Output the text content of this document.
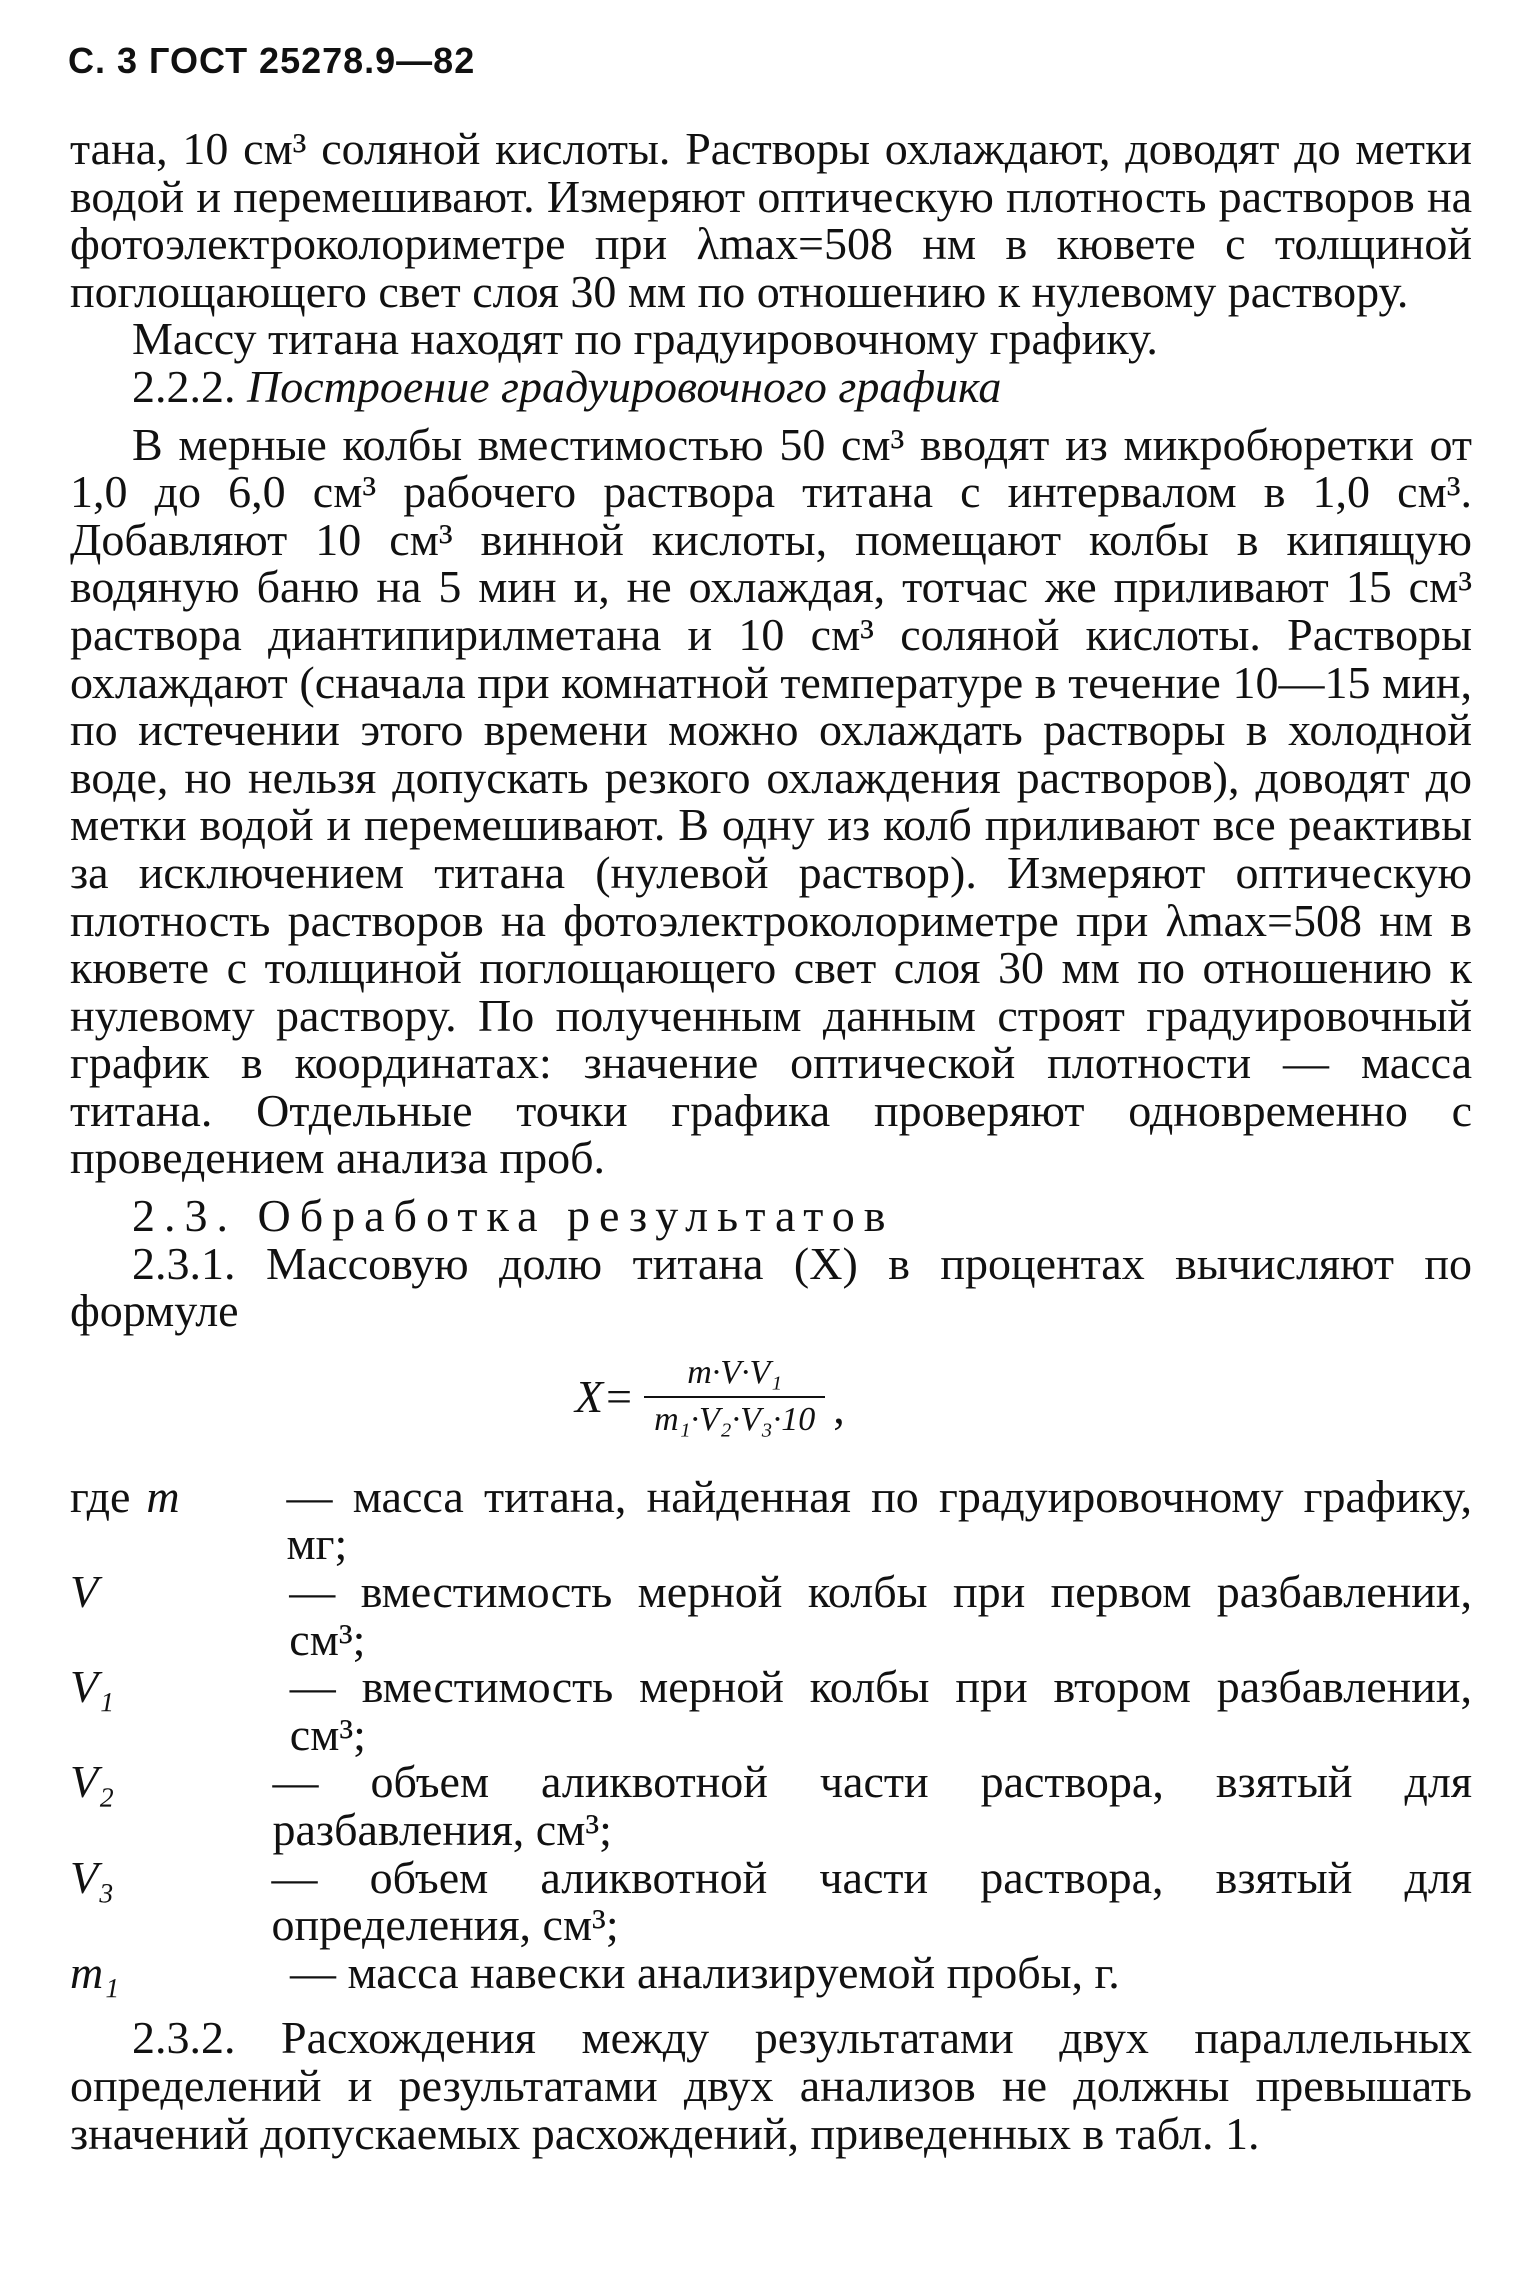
С. 3 ГОСТ 25278.9—82

тана, 10 см³ соляной кислоты. Растворы охлаждают, доводят до метки водой и перемешивают. Измеряют оптическую плотность растворов на фотоэлектроколориметре при λmax=508 нм в кювете с толщиной поглощающего свет слоя 30 мм по отношению к нулевому раствору.

Массу титана находят по градуировочному графику.

2.2.2. Построение градуировочного графика

В мерные колбы вместимостью 50 см³ вводят из микробюретки от 1,0 до 6,0 см³ рабочего раствора титана с интервалом в 1,0 см³. Добавляют 10 см³ винной кислоты, помещают колбы в кипящую водяную баню на 5 мин и, не охлаждая, тотчас же приливают 15 см³ раствора диантипирилметана и 10 см³ соляной кислоты. Растворы охлаждают (сначала при комнатной температуре в течение 10—15 мин, по истечении этого времени можно охлаждать растворы в холодной воде, но нельзя допускать резкого охлаждения растворов), доводят до метки водой и перемешивают. В одну из колб приливают все реактивы за исключением титана (нулевой раствор). Измеряют оптическую плотность растворов на фотоэлектроколориметре при λmax=508 нм в кювете с толщиной поглощающего свет слоя 30 мм по отношению к нулевому раствору. По полученным данным строят градуировочный график в координатах: значение оптической плотности — масса титана. Отдельные точки графика проверяют одновременно с проведением анализа проб.

2.3. Обработка результатов

2.3.1. Массовую долю титана (X) в процентах вычисляют по формуле

$X= \frac{\text{m·V·V₁}}{\text{m₁·V₂·V₃·10}}$ ,
где m	— масса титана, найденная по градуировочному графику, мг;
V	— вместимость мерной колбы при первом разбавлении, см³;
V₁	— вместимость мерной колбы при втором разбавлении, см³;
V₂	— объем аликвотной части раствора, взятый для разбавления, см³;
V₃	— объем аликвотной части раствора, взятый для определения, см³;
m₁	— масса навески анализируемой пробы, г.

2.3.2. Расхождения между результатами двух параллельных определений и результатами двух анализов не должны превышать значений допускаемых расхождений, приведенных в табл. 1.
